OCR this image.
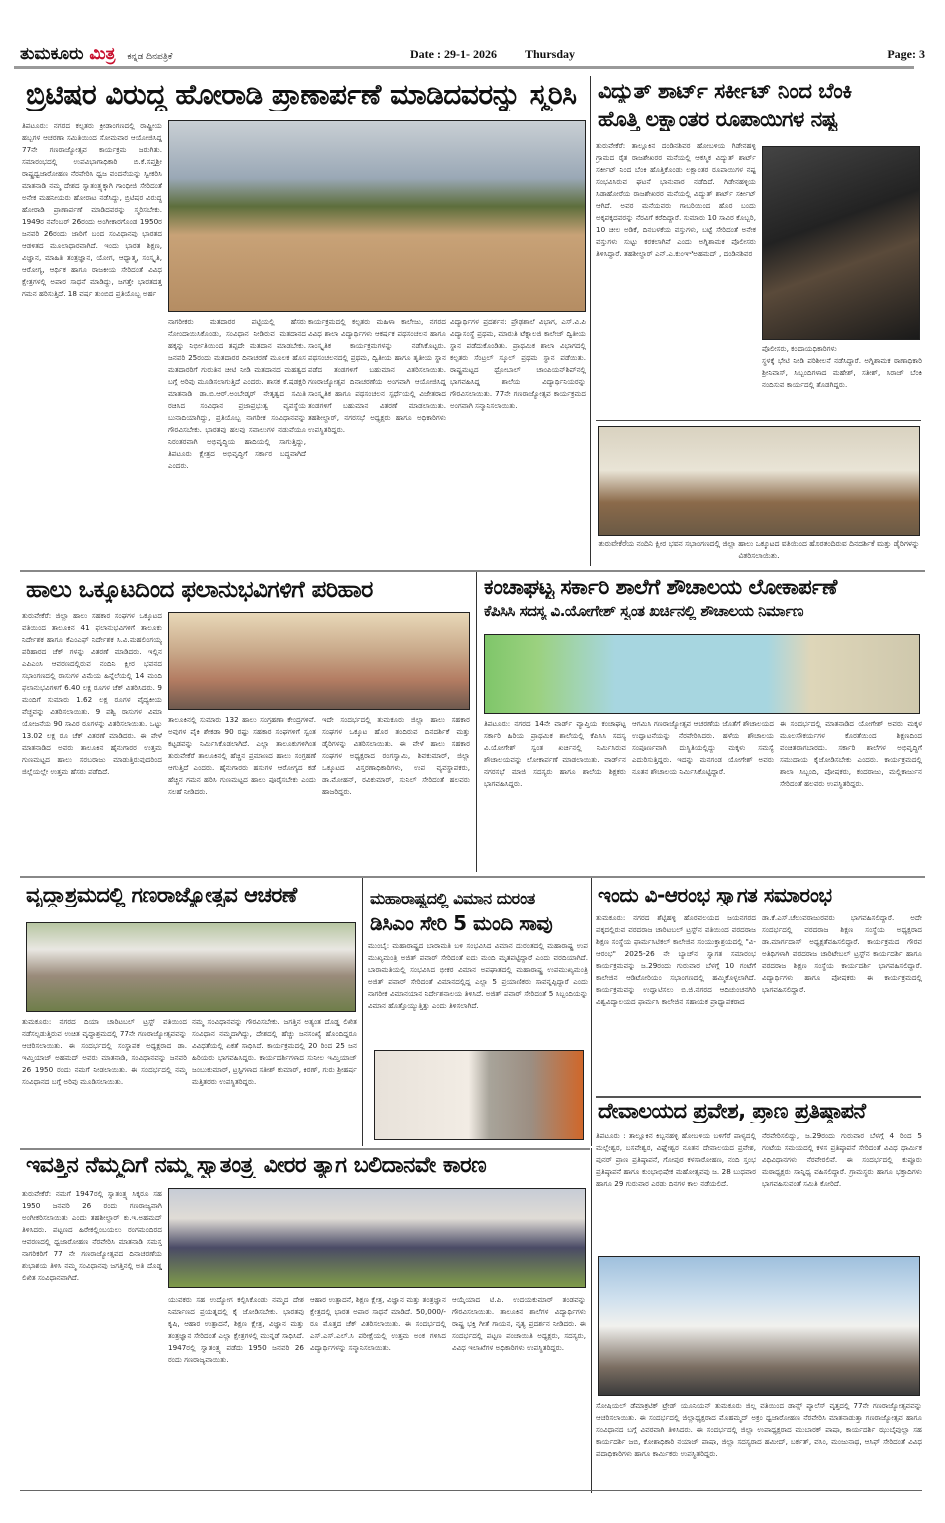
ತುಮಕೂರು ಮಿತ್ರ ಕನ್ನಡ ದಿನಪತ್ರಿಕೆ	Date : 29-1- 2026 Thursday	Page: 3
ಬ್ರಿಟಿಷರ ವಿರುದ್ಧ ಹೋರಾಡಿ ಪ್ರಾಣಾರ್ಪಣೆ ಮಾಡಿದವರನ್ನು ಸ್ಮರಿಸಿ
ತಿಪಟೂರು: ನಗರದ ಕಲ್ಪತರು ಕ್ರೀಡಾಂಗಣದಲ್ಲಿ ರಾಷ್ಟ್ರೀಯ ಹಬ್ಬಗಳ ಆಚರಣಾ ಸಮಿತಿಯಿಂದ ಸೋಮವಾರ ಆಯೋಜಿಸಿದ್ದ 77ನೇ ಗಣರಾಜ್ಯೋತ್ಸವ ಕಾರ್ಯಕ್ರಮ ಜರುಗಿತು. ಸಮಾರಂಭದಲ್ಲಿ ಉಪವಿಭಾಗಾಧಿಕಾರಿ ಬಿ.ಕೆ.ಸಪ್ತಶ್ರೀ ರಾಷ್ಟ್ರಧ್ವಜಾರೋಹಣ ನೆರವೇರಿಸಿ ಧ್ವಜ ವಂದನೆಯನ್ನು ಸ್ವೀಕರಿಸಿ ಮಾತನಾಡಿ ನಮ್ಮ ದೇಶದ ಸ್ವಾತಂತ್ರ್ಯಕ್ಕಾಗಿ ಗಾಂಧೀಜಿ ಸೇರಿದಂತೆ ಅನೇಕ ಮಹನೀಯರು ಹೋರಾಟ ನಡೆಸಿದ್ದು, ಬ್ರಿಟಿಷರ ವಿರುದ್ಧ ಹೋರಾಡಿ ಪ್ರಾಣಾರ್ಪಣೆ ಮಾಡಿದವರನ್ನು ಸ್ಮರಿಸಬೇಕು. 1949ರ ನವೆಂಬರ್ 26ರಂದು ಅಂಗೀಕಾರಗೊಂಡ 1950ರ ಜನವರಿ 26ರಂದು ಜಾರಿಗೆ ಬಂದ ಸಂವಿಧಾನವು ಭಾರತದ ಆಡಳಿತದ ಮೂಲಾಧಾರವಾಗಿದೆ. ಇಂದು ಭಾರತ ಶಿಕ್ಷಣ, ವಿಜ್ಞಾನ, ಮಾಹಿತಿ ತಂತ್ರಜ್ಞಾನ, ಯೋಗ, ಆಧ್ಯಾತ್ಮ, ಸಂಸ್ಕೃತಿ, ಆರೋಗ್ಯ, ಆರ್ಥಿಕ ಹಾಗೂ ರಾಜಕೀಯ ಸೇರಿದಂತೆ ವಿವಿಧ ಕ್ಷೇತ್ರಗಳಲ್ಲಿ ಅಪಾರ ಸಾಧನೆ ಮಾಡಿದ್ದು, ಜಗತ್ತೇ ಭಾರತದತ್ತ ಗಮನ ಹರಿಸುತ್ತಿದೆ. 18 ವರ್ಷ ತುಂಬಿದ ಪ್ರತಿಯೊಬ್ಬ ಅರ್ಹ
ನಾಗರೀಕರು ಮತದಾರರ ಪಟ್ಟಿಯಲ್ಲಿ ಹೆಸರು ನೋಂದಾಯಿಸಿಕೊಂಡು, ಸಂವಿಧಾನ ನೀಡಿರುವ ಮತದಾನದ ಹಕ್ಕನ್ನು ನಿರ್ಭೀತಿಯಿಂದ ತಪ್ಪದೇ ಮತದಾನ ಮಾಡಬೇಕು. ಜನವರಿ 25ರಂದು ಮತದಾರರ ದಿನಾಚರಣೆ ಮೂಲಕ ಹೊಸ ಮತದಾರರಿಗೆ ಗುರುತಿನ ಚೀಟಿ ನೀಡಿ ಮತದಾನದ ಮಹತ್ವದ ಬಗ್ಗೆ ಅರಿವು ಮೂಡಿಸಲಾಗುತ್ತಿದೆ ಎಂದರು. ಶಾಸಕ ಕೆ.ಷಡಕ್ಷರಿ ಮಾತನಾಡಿ ಡಾ.ಬಿ.ಆರ್.ಅಂಬೇಡ್ಕರ್ ನೇತೃತ್ವದ ಸಮಿತಿ ರಚಿಸಿದ ಸಂವಿಧಾನ ಪ್ರಜಾಪ್ರಭುತ್ವ ವ್ಯವಸ್ಥೆಯ ಬುನಾದಿಯಾಗಿದ್ದು, ಪ್ರತಿಯೊಬ್ಬ ನಾಗರೀಕ ಸಂವಿಧಾನವನ್ನು ಗೌರವಿಸಬೇಕು. ಭಾರತವು ಹಲವು ಸವಾಲುಗಳ ನಡುವೆಯೂ ನಿರಂತರವಾಗಿ ಅಭಿವೃದ್ಧಿಯ ಹಾದಿಯಲ್ಲಿ ಸಾಗುತ್ತಿದ್ದು, ತಿಪಟೂರು ಕ್ಷೇತ್ರದ ಅಭಿವೃದ್ಧಿಗೆ ಸರ್ಕಾರ ಬದ್ಧವಾಗಿದೆ ಎಂದರು.
ಕಾರ್ಯಕ್ರಮದಲ್ಲಿ ಕಲ್ಪತರು ಮಹಿಳಾ ಕಾಲೇಜು, ನಗರದ ವಿವಿಧ ಶಾಲಾ ವಿದ್ಯಾರ್ಥಿಗಳು ಆಕರ್ಷಕ ಪಥಸಂಚಲನ ಹಾಗೂ ಸಾಂಸ್ಕೃತಿಕ ಕಾರ್ಯಕ್ರಮಗಳನ್ನು ನಡೆಸಿಕೊಟ್ಟರು. ಪಥಸಂಚಲನದಲ್ಲಿ ಪ್ರಥಮ, ದ್ವಿತೀಯ ಹಾಗೂ ತೃತೀಯ ಸ್ಥಾನ ಪಡೆದ ತಂಡಗಳಿಗೆ ಬಹುಮಾನ ವಿತರಿಸಲಾಯಿತು. ಗಣರಾಜ್ಯೋತ್ಸವ ದಿನಾಚರಣೆಯ ಅಂಗವಾಗಿ ಆಯೋಜಿಸಿದ್ದ ಸಾಂಸ್ಕೃತಿಕ ಹಾಗೂ ಪಥಸಂಚಲನ ಸ್ಪರ್ಧೆಯಲ್ಲಿ ವಿಜೇತರಾದ ತಂಡಗಳಿಗೆ ಬಹುಮಾನ ವಿತರಣೆ ಮಾಡಲಾಯಿತು. ತಹಶೀಲ್ದಾರ್, ನಗರಸಭೆ ಅಧ್ಯಕ್ಷರು ಹಾಗೂ ಅಧಿಕಾರಿಗಳು ಉಪಸ್ಥಿತರಿದ್ದರು.
ವಿದ್ಯಾರ್ಥಿಗಳ ಪ್ರದರ್ಶನ: ಪ್ರೌಢಶಾಲೆ ವಿಭಾಗ, ಎಸ್.ವಿ.ಪಿ ವಿದ್ಯಾಸಂಸ್ಥೆ ಪ್ರಥಮ, ಮಾರುತಿ ಟೆಕ್ನಾಲಜಿ ಕಾಲೇಜ್ ದ್ವಿತೀಯ ಸ್ಥಾನ ಪಡೆದುಕೊಂಡಿತು. ಪ್ರಾಥಮಿಕ ಶಾಲಾ ವಿಭಾಗದಲ್ಲಿ ಕಲ್ಪತರು ಸೆಂಟ್ರಲ್ ಸ್ಕೂಲ್ ಪ್ರಥಮ ಸ್ಥಾನ ಪಡೆಯಿತು. ರಾಷ್ಟ್ರಮಟ್ಟದ ಥ್ರೋಬಾಲ್ ಚಾಂಪಿಯನ್‌ಶಿಪ್‌ನಲ್ಲಿ ಭಾಗವಹಿಸಿದ್ದ ಶಾಲೆಯ ವಿದ್ಯಾರ್ಥಿನಿಯರನ್ನು ಗೌರವಿಸಲಾಯಿತು. 77ನೇ ಗಣರಾಜ್ಯೋತ್ಸವ ಕಾರ್ಯಕ್ರಮದ ಅಂಗವಾಗಿ ಸನ್ಮಾನಿಸಲಾಯಿತು.
ವಿದ್ಯುತ್ ಶಾರ್ಟ್ ಸರ್ಕೀಟ್ ನಿಂದ ಬೆಂಕಿ
ಹೊತ್ತಿ ಲಕ್ಷಾಂತರ ರೂಪಾಯಿಗಳ ನಷ್ಟ
ತುರುವೇಕೆರೆ: ತಾಲ್ಲೂಕಿನ ದಂಡಿನಶಿವರ ಹೋಬಳಿಯ ಗಿಡೇನಹಳ್ಳಿ ಗ್ರಾಮದ ರೈತ ರಾಜಶೇಖರರ ಮನೆಯಲ್ಲಿ ಆಕಸ್ಮಿಕ ವಿದ್ಯುತ್ ಶಾರ್ಟ್ ಸರ್ಕೀಟ್ ನಿಂದ ಬೆಂಕಿ ಹೊತ್ತಿಕೊಂಡು ಲಕ್ಷಾಂತರ ರೂಪಾಯಿಗಳ ನಷ್ಟ ಸಂಭವಿಸಿರುವ ಘಟನೆ ಭಾನುವಾರ ನಡೆದಿದೆ. ಗಿಡೇನಹಳ್ಳಿಯ ಸಿಡಾಹೋರೆಯ ರಾಜಶೇಖರರ ಮನೆಯಲ್ಲಿ ವಿದ್ಯುತ್ ಶಾರ್ಟ್ ಸರ್ಕೀಟ್ ಆಗಿದೆ. ಅವರ ಮನೆಯವರು ಗಾಬರಿಯಿಂದ ಹೊರ ಬಂದು ಅಕ್ಕಪಕ್ಕದವರನ್ನು ನೆರವಿಗೆ ಕರೆದಿದ್ದಾರೆ. ಸುಮಾರು 10 ಸಾವಿರ ಕೊಬ್ಬರಿ, 10 ಚೀಲ ಅಡಿಕೆ, ದಿನಬಳಕೆಯ ವಸ್ತುಗಳು, ಬಟ್ಟೆ ಸೇರಿದಂತೆ ಅನೇಕ ವಸ್ತುಗಳು ಸುಟ್ಟು ಕರಕಲಾಗಿವೆ ಎಂದು ಅಗ್ನಿಶಾಮಕ ಪೊಲೀಸರು ತಿಳಿಸಿದ್ದಾರೆ. ತಹಶೀಲ್ದಾರ್ ಎನ್.ಎ.ಕುಂಞಿಅಹಮದ್ , ದಂಡಿನಶಿವರ
ಪೊಲೀಸರು, ಕಂದಾಯಧಿಕಾರಿಗಳು
ಸ್ಥಳಕ್ಕೆ ಭೇಟಿ ನೀಡಿ ಪರಿಶೀಲನೆ ನಡೆಸಿದ್ದಾರೆ. ಅಗ್ನಿಶಾಮಕ ಠಾಣಾಧಿಕಾರಿ ಶ್ರೀನಿವಾಸ್, ಸಿಬ್ಬಂದಿಗಳಾದ ಮಹೇಶ್, ಸತೀಶ್, ಸಿರಾಜ್ ಬೆಂಕಿ ನಂದಿಸುವ ಕಾರ್ಯದಲ್ಲಿ ತೊಡಗಿದ್ದರು.
ತುರುವೇಕೆರೆಯ ನಂದಿನಿ ಕ್ಷೀರ ಭವನ ಸಭಾಂಗಣದಲ್ಲಿ ಜಿಲ್ಲಾ ಹಾಲು ಒಕ್ಕೂಟದ ವತಿಯಿಂದ ಹೊರತಂದಿರುವ ದಿನದರ್ಶಿಕೆ ಮತ್ತು ಡೈರಿಗಳನ್ನು ವಿತರಿಸಲಾಯಿತು.
ಹಾಲು ಒಕ್ಕೂಟದಿಂದ ಫಲಾನುಭವಿಗಳಿಗೆ ಪರಿಹಾರ
ತುರುವೇಕೆರೆ: ಜಿಲ್ಲಾ ಹಾಲು ಸಹಕಾರ ಸಂಘಗಳ ಒಕ್ಕೂಟದ ವತಿಯಿಂದ ತಾಲೂಕಿನ 41 ಫಲಾನುಭವಿಗಳಿಗೆ ತಾಲೂಕು ನಿರ್ದೇಶಕ ಹಾಗೂ ಕೆಎಂಎಫ್ ನಿರ್ದೇಶಕ ಸಿ.ವಿ.ಮಹಲಿಂಗಯ್ಯ ಪರಿಹಾರದ ಚೆಕ್ ಗಳನ್ನು ವಿತರಣೆ ಮಾಡಿದರು. ಇಲ್ಲಿನ ಎಪಿಎಂಸಿ ಆವರಣದಲ್ಲಿರುವ ನಂದಿನಿ ಕ್ಷೀರ ಭವನದ ಸಭಾಂಗಣದಲ್ಲಿ ರಾಸುಗಳ ವಿಮೆಯ ಹಿನ್ನೆಲೆಯಲ್ಲಿ 14 ಮಂದಿ ಫಲಾನುಭವಿಗಳಿಗೆ 6.40 ಲಕ್ಷ ರೂಗಳ ಚೆಕ್ ವಿತರಿಸಿದರು. 9 ಮಂದಿಗೆ ಸುಮಾರು 1.62 ಲಕ್ಷ ರೂಗಳ ವೈದ್ಯಕೀಯ ವೆಚ್ಚವನ್ನು ವಿತರಿಸಲಾಯಿತು. 9 ಪಶ್ವಿ ರಾಸುಗಳ ವಿಮಾ ಯೋಜನೆಯ 90 ಸಾವಿರ ರೂಗಳನ್ನು ವಿತರಿಸಲಾಯಿತು. ಒಟ್ಟು 13.02 ಲಕ್ಷ ರೂ ಚೆಕ್ ವಿತರಣೆ ಮಾಡಿದರು. ಈ ವೇಳೆ ಮಾತನಾಡಿದ ಅವರು ತಾಲೂಕಿನ ಹೈನುಗಾರರ ಉತ್ತಮ ಗುಣಮಟ್ಟದ ಹಾಲು ಸರಬರಾಜು ಮಾಡುತ್ತಿರುವುದರಿಂದ ಜಿಲ್ಲೆಯಲ್ಲೇ ಉತ್ತಮ ಹೆಸರು ಪಡೆದಿದೆ.
ತಾಲೂಕಿನಲ್ಲಿ ಸುಮಾರು 132 ಹಾಲು ಸಂಗ್ರಹಣಾ ಕೇಂದ್ರಗಳಿವೆ. ಅವುಗಳ ಪೈಕಿ ಶೇಕಡಾ 90 ರಷ್ಟು ಸಹಕಾರ ಸಂಘಗಳಿಗೆ ಸ್ವಂತ ಕಟ್ಟಡವನ್ನು ನಿರ್ಮಿಸಿಕೊಡಲಾಗಿದೆ. ಎಲ್ಲಾ ತಾಲೂಕುಗಳಿಗಿಂತ ತುರುವೇಕೆರೆ ತಾಲೂಕಿನಲ್ಲಿ ಹೆಚ್ಚಿನ ಪ್ರಮಾಣದ ಹಾಲು ಸಂಗ್ರಹಣೆ ಆಗುತ್ತಿದೆ ಎಂದರು. ಹೈನುಗಾರರು ಹಸುಗಳ ಆರೋಗ್ಯದ ಕಡೆ ಹೆಚ್ಚಿನ ಗಮನ ಹರಿಸಿ ಗುಣಮಟ್ಟದ ಹಾಲು ಪೂರೈಸಬೇಕು ಎಂದು ಸಲಹೆ ನೀಡಿದರು.
ಇದೇ ಸಂದರ್ಭದಲ್ಲಿ ತುಮಕೂರು ಜಿಲ್ಲಾ ಹಾಲು ಸಹಕಾರ ಸಂಘಗಳ ಒಕ್ಕೂಟ ಹೊರ ತಂದಿರುವ ದಿನದರ್ಶಿಕೆ ಮತ್ತು ಡೈರಿಗಳನ್ನು ವಿತರಿಸಲಾಯಿತು. ಈ ವೇಳೆ ಹಾಲು ಸಹಕಾರ ಸಂಘಗಳ ಅಧ್ಯಕ್ಷರಾದ ರಂಗಸ್ವಾಮಿ, ಶಿವಕುಮಾರ್, ಜಿಲ್ಲಾ ಒಕ್ಕೂಟದ ವಿಸ್ತರಣಾಧಿಕಾರಿಗಳು, ಉಪ ವ್ಯವಸ್ಥಾಪಕರು, ಡಾ.ಮೋಹನ್, ರವಿಕುಮಾರ್, ಸುನಿಲ್ ಸೇರಿದಂತೆ ಹಲವರು ಹಾಜರಿದ್ದರು.
ಕಂಚಾಘಟ್ಟ ಸರ್ಕಾರಿ ಶಾಲೆಗೆ ಶೌಚಾಲಯ ಲೋಕಾರ್ಪಣೆ
ಕೆಪಿಸಿಸಿ ಸದಸ್ಯ ವಿ.ಯೋಗೇಶ್ ಸ್ವಂತ ಖರ್ಚಿನಲ್ಲಿ ಶೌಚಾಲಯ ನಿರ್ಮಾಣ
ತಿಪಟೂರು: ನಗರದ 14ನೇ ವಾರ್ಡ್ ವ್ಯಾಪ್ತಿಯ ಕಂಚಾಘಟ್ಟ ಸರ್ಕಾರಿ ಹಿರಿಯ ಪ್ರಾಥಮಿಕ ಶಾಲೆಯಲ್ಲಿ ಕೆಪಿಸಿಸಿ ಸದಸ್ಯ ವಿ.ಯೋಗೇಶ್ ಸ್ವಂತ ಖರ್ಚಿನಲ್ಲಿ ನಿರ್ಮಿಸಿರುವ ಶೌಚಾಲಯವನ್ನು ಲೋಕಾರ್ಪಣೆ ಮಾಡಲಾಯಿತು. ವಾರ್ಡ್‌ನ ನಗರಸಭೆ ಮಾಜಿ ಸದಸ್ಯರು ಹಾಗೂ ಶಾಲೆಯ ಶಿಕ್ಷಕರು ಭಾಗವಹಿಸಿದ್ದರು.
ಆಗಮಿಸಿ ಗಣರಾಜ್ಯೋತ್ಸವ ಆಚರಣೆಯ ಜೊತೆಗೆ ಶೌಚಾಲಯದ ಉದ್ಘಾಟನೆಯನ್ನು ನೆರವೇರಿಸಿದರು. ಹಳೆಯ ಶೌಚಾಲಯ ಸಂಪೂರ್ಣವಾಗಿ ದುಸ್ಥಿತಿಯಲ್ಲಿದ್ದು ಮಕ್ಕಳು ಸಮಸ್ಯೆ ಎದುರಿಸುತ್ತಿದ್ದರು. ಇದನ್ನು ಮನಗಂಡ ಯೋಗೇಶ್ ಅವರು ನೂತನ ಶೌಚಾಲಯ ನಿರ್ಮಿಸಿಕೊಟ್ಟಿದ್ದಾರೆ.
ಈ ಸಂದರ್ಭದಲ್ಲಿ ಮಾತನಾಡಿದ ಯೋಗೇಶ್ ಅವರು ಮಕ್ಕಳ ಮೂಲಸೌಕರ್ಯಗಳ ಕೊರತೆಯಿಂದ ಶಿಕ್ಷಣದಿಂದ ವಂಚಿತರಾಗಬಾರದು. ಸರ್ಕಾರಿ ಶಾಲೆಗಳ ಅಭಿವೃದ್ಧಿಗೆ ಸಮುದಾಯ ಕೈಜೋಡಿಸಬೇಕು ಎಂದರು. ಕಾರ್ಯಕ್ರಮದಲ್ಲಿ ಶಾಲಾ ಸಿಬ್ಬಂದಿ, ಪೋಷಕರು, ಕಂದರಾಜು, ಮಲ್ಲಿಕಾರ್ಜುನ ಸೇರಿದಂತೆ ಹಲವರು ಉಪಸ್ಥಿತರಿದ್ದರು.
ವೃದ್ಧಾಶ್ರಮದಲ್ಲಿ ಗಣರಾಜ್ಯೋತ್ಸವ ಆಚರಣೆ
ತುಮಕೂರು: ನಗರದ ದಿಯಾ ಚಾರಿಟಬಲ್ ಟ್ರಸ್ಟ್ ವತಿಯಿಂದ ನಡೆಸಲ್ಪಡುತ್ತಿರುವ ಉಚಿತ ವೃದ್ಧಾಶ್ರಮದಲ್ಲಿ 77ನೇ ಗಣರಾಜ್ಯೋತ್ಸವವನ್ನು ಆಚರಿಸಲಾಯಿತು. ಈ ಸಂದರ್ಭದಲ್ಲಿ ಸಂಸ್ಥಾಪಕ ಅಧ್ಯಕ್ಷರಾದ ಡಾ. ಇಮ್ತಿಯಾಜ್ ಅಹಮದ್ ಅವರು ಮಾತನಾಡಿ, ಸಂವಿಧಾನವನ್ನು ಜನವರಿ 26 1950 ರಂದು ನಮಗೆ ನೀಡಲಾಯಿತು. ಈ ಸಂದರ್ಭದಲ್ಲಿ ನಮ್ಮ ಸಂವಿಧಾನದ ಬಗ್ಗೆ ಅರಿವು ಮೂಡಿಸಲಾಯಿತು.
ನಮ್ಮ ಸಂವಿಧಾನವನ್ನು ಗೌರವಿಸಬೇಕು. ಜಗತ್ತಿನ ಅತ್ಯಂತ ದೊಡ್ಡ ಲಿಖಿತ ಸಂವಿಧಾನ ನಮ್ಮದಾಗಿದ್ದು, ದೇಶದಲ್ಲಿ ಹೆಚ್ಚು ಜನಸಂಖ್ಯೆ ಹೊಂದಿದ್ದರೂ ವಿವಿಧತೆಯಲ್ಲಿ ಏಕತೆ ಸಾಧಿಸಿದೆ. ಕಾರ್ಯಕ್ರಮದಲ್ಲಿ 20 ರಿಂದ 25 ಜನ ಹಿರಿಯರು ಭಾಗವಹಿಸಿದ್ದರು. ಕಾರ್ಯದರ್ಶಿಗಳಾದ ಸುನೀಲ ಇಮ್ತಿಯಾಜ್ ಜಂಬುಕುಮಾರ್, ಟ್ರಸ್ಟಿಗಳಾದ ಸತೀಶ್ ಕುಮಾರ್, ಕಿರಣ್, ಗುರು ಶ್ರೀಹರ್ಷ ಮತ್ತಿತರರು ಉಪಸ್ಥಿತರಿದ್ದರು.
ಮಹಾರಾಷ್ಟ್ರದಲ್ಲಿ ವಿಮಾನ ದುರಂತ
ಡಿಸಿಎಂ ಸೇರಿ 5 ಮಂದಿ ಸಾವು
ಮುಂಬೈ: ಮಹಾರಾಷ್ಟ್ರದ ಬಾರಾಮತಿ ಬಳಿ ಸಂಭವಿಸಿದ ವಿಮಾನ ದುರಂತದಲ್ಲಿ ಮಹಾರಾಷ್ಟ್ರ ಉಪ ಮುಖ್ಯಮಂತ್ರಿ ಅಜಿತ್ ಪವಾರ್ ಸೇರಿದಂತೆ ಐದು ಮಂದಿ ಮೃತಪಟ್ಟಿದ್ದಾರೆ ಎಂದು ವರದಿಯಾಗಿದೆ. ಬಾರಾಮತಿಯಲ್ಲಿ ಸಂಭವಿಸಿದ ಭೀಕರ ವಿಮಾನ ಅಪಘಾತದಲ್ಲಿ ಮಹಾರಾಷ್ಟ್ರ ಉಪಮುಖ್ಯಮಂತ್ರಿ ಅಜಿತ್ ಪವಾರ್ ಸೇರಿದಂತೆ ವಿಮಾನದಲ್ಲಿದ್ದ ಎಲ್ಲಾ 5 ಪ್ರಯಾಣಿಕರು ಸಾವನ್ನಪ್ಪಿದ್ದಾರೆ ಎಂದು ನಾಗರೀಕ ವಿಮಾನಯಾನ ನಿರ್ದೇಶನಾಲಯ ತಿಳಿಸಿದೆ. ಅಜಿತ್ ಪವಾರ್ ಸೇರಿದಂತೆ 5 ಸಿಬ್ಬಂದಿಯನ್ನು ವಿಮಾನ ಹೊತ್ತೊಯ್ಯುತ್ತಿತ್ತು ಎಂದು ತಿಳಿಸಲಾಗಿದೆ.
ಇಂದು ವಿ-ಆರಂಭ ಸ್ವಾಗತ ಸಮಾರಂಭ
ತುಮಕೂರು: ನಗರದ ಶೆಟ್ಟಿಹಳ್ಳಿ ಹೊರವಲಯದ ಜಯನಗರದ ಪಕ್ಕದಲ್ಲಿರುವ ವರದರಾಜ ಚಾರಿಟಬಲ್ ಟ್ರಸ್ಟ್‌ನ ವತಿಯಿಂದ ವರದರಾಜ ಶಿಕ್ಷಣ ಸಂಸ್ಥೆಯ ಫಾರ್ಮಸಿಟಿಕಲ್ ಕಾಲೇಜಿನ ಸಂಯುಕ್ತಾಶ್ರಯದಲ್ಲಿ "ವಿ-ಆರಂಭ" 2025-26 ನೇ ಬ್ಯಾಚ್‌ನ ಸ್ವಾಗತ ಸಮಾರಂಭ ಕಾರ್ಯಕ್ರಮವನ್ನು ಜ.29ರಂದು ಗುರುವಾರ ಬೆಳಗ್ಗೆ 10 ಗಂಟೆಗೆ ಕಾಲೇಜಿನ ಆಡಿಟೋರಿಯಂ ಸಭಾಂಗಣದಲ್ಲಿ ಹಮ್ಮಿಕೊಳ್ಳಲಾಗಿದೆ. ಕಾರ್ಯಕ್ರಮವನ್ನು ಉದ್ಘಾಟಿಸಲು ಬಿ.ಜಿ.ನಗರದ ಆದಿಚುಂಚನಗಿರಿ ವಿಶ್ವವಿದ್ಯಾಲಯದ ಫಾರ್ಮಸಿ ಕಾಲೇಜಿನ ಸಹಾಯಕ ಪ್ರಾಧ್ಯಾಪಕರಾದ
ಡಾ.ಕೆ.ಎಸ್.ಚೆಲುವರಾಜುರವರು ಭಾಗವಹಿಸಲಿದ್ದಾರೆ. ಅದೇ ಸಂದರ್ಭದಲ್ಲಿ ವರದರಾಜ ಶಿಕ್ಷಣ ಸಂಸ್ಥೆಯ ಅಧ್ಯಕ್ಷರಾದ ಡಾ.ಮಾರ್ಗದಾಸ್ ಅಧ್ಯಕ್ಷತೆವಹಿಸಲಿದ್ದಾರೆ. ಕಾರ್ಯಕ್ರಮದ ಗೌರವ ಅತಿಥಿಗಳಾಗಿ ವರದರಾಜ ಚಾರಿಟೇಬಲ್ ಟ್ರಸ್ಟ್‌ನ ಕಾರ್ಯದರ್ಶಿ ಹಾಗೂ ವರದರಾಜ ಶಿಕ್ಷಣ ಸಂಸ್ಥೆಯ ಕಾರ್ಯದರ್ಶಿ ಭಾಗವಹಿಸಲಿದ್ದಾರೆ. ವಿದ್ಯಾರ್ಥಿಗಳು ಹಾಗೂ ಪೋಷಕರು ಈ ಕಾರ್ಯಕ್ರಮದಲ್ಲಿ ಭಾಗವಹಿಸಲಿದ್ದಾರೆ.
ದೇವಾಲಯದ ಪ್ರವೇಶ, ಪ್ರಾಣ ಪ್ರತಿಷ್ಠಾಪನೆ
ತಿಪಟೂರು : ತಾಲ್ಲೂಕಿನ ಕಿಬ್ಬನಹಳ್ಳಿ ಹೋಬಳಿಯ ಬಳಿಗೆರೆ ಪಾಳ್ಯದಲ್ಲಿ ಮಲ್ಲೇಶ್ವರ, ಬಸವೇಶ್ವರ, ವಿಘ್ನೇಶ್ವರ ನೂತನ ದೇವಾಲಯದ ಪ್ರವೇಶ, ಪುನರ್ ಪ್ರಾಣ ಪ್ರತಿಷ್ಠಾಪನೆ, ಗೋಪುರ ಕಳಸಾರೋಹಣ, ನಂದಿ ಸ್ತಂಭ ಪ್ರತಿಷ್ಠಾಪನೆ ಹಾಗೂ ಕುಂಭಾಭಿಷೇಕ ಮಹೋತ್ಸವವು ಜ. 28 ಬುಧವಾರ ಹಾಗೂ 29 ಗುರುವಾರ ಎರಡು ದಿನಗಳ ಕಾಲ ನಡೆಯಲಿದೆ.
ನೆರವೇರಿಸಲಿದ್ದು, ಜ.29ರಂದು ಗುರುವಾರ ಬೆಳಗ್ಗೆ 4 ರಿಂದ 5 ಗಂಟೆಯ ಸಮಯದಲ್ಲಿ ಕಳಸ ಪ್ರತಿಷ್ಠಾಪನೆ ಸೇರಿದಂತೆ ವಿವಿಧ ಧಾರ್ಮಿಕ ವಿಧಿವಿಧಾನಗಳು ನೆರವೇರಲಿವೆ. ಈ ಸಂದರ್ಭದಲ್ಲಿ ಕುಪ್ಪೂರು ಮಠಾಧ್ಯಕ್ಷರು ಸಾನ್ನಿಧ್ಯ ವಹಿಸಲಿದ್ದಾರೆ. ಗ್ರಾಮಸ್ಥರು ಹಾಗೂ ಭಕ್ತಾದಿಗಳು ಭಾಗವಹಿಸುವಂತೆ ಸಮಿತಿ ಕೋರಿದೆ.
ಸೋಷಿಯಲ್ ಡೆಮಾಕ್ರಟಿಕ್ ಟ್ರೇಡ್ ಯೂನಿಯನ್ ತುಮಕೂರು ಜಿಲ್ಲ ವತಿಯಿಂದ ಡಾನ್ಸ್ ಪ್ಯಾಲೆಸ್ ವೃತ್ತದಲ್ಲಿ 77ನೇ ಗಣರಾಜ್ಯೋತ್ಸವವನ್ನು ಆಚರಿಸಲಾಯಿತು. ಈ ಸಂದರ್ಭದಲ್ಲಿ ಜಿಲ್ಲಾಧ್ಯಕ್ಷರಾದ ಮೊಹಮ್ಮದ್ ಅಕ್ರಂ ಧ್ವಜಾರೋಹಣ ನೆರವೇರಿಸಿ ಮಾತನಾಡುತ್ತಾ ಗಣರಾಜ್ಯೋತ್ಸವ ಹಾಗೂ ಸಂವಿಧಾನದ ಬಗ್ಗೆ ವಿವರವಾಗಿ ತಿಳಿಸಿದರು. ಈ ಸಂದರ್ಭದಲ್ಲಿ ಜಿಲ್ಲಾ ಉಪಾಧ್ಯಕ್ಷರಾದ ಮುಬಾರಕ್ ಪಾಷಾ, ಕಾರ್ಯದರ್ಶಿ ಝುಬೈವುಲ್ಲಾ ಸಹ ಕಾರ್ಯದರ್ಶಿ ಜಬಿ, ಕೋಶಾಧಿಕಾರಿ ನಯಾಜ್ ಪಾಷಾ, ಜಿಲ್ಲಾ ಸದಸ್ಯರಾದ ಹಮೀದ್, ಬರ್ಕತ್, ವಸಿಂ, ಮಂಜುನಾಥ, ಆಸಿಫ್ ಸೇರಿದಂತೆ ವಿವಿಧ ಪದಾಧಿಕಾರಿಗಳು ಹಾಗೂ ಕಾರ್ಮಿಕರು ಉಪಸ್ಥಿತರಿದ್ದರು.
ಇವತ್ತಿನ ನೆಮ್ಮದಿಗೆ ನಮ್ಮ ಸ್ವಾತಂತ್ರ್ಯ ವೀರರ ತ್ಯಾಗ ಬಲಿದಾನವೇ ಕಾರಣ
ತುರುವೇಕೆರೆ: ನಮಗೆ 1947ರಲ್ಲಿ ಸ್ವಾತಂತ್ರ್ಯ ಸಿಕ್ಕರೂ ಸಹ 1950 ಜನವರಿ 26 ರಂದು ಗಣರಾಜ್ಯವಾಗಿ ಅಂಗೀಕರಿಸಲಾಯಿತು ಎಂದು ತಹಶೀಲ್ದಾರ್ ಕು.ಇ.ಅಹಮದ್ ತಿಳಿಸಿದರು. ಪಟ್ಟಣದ ಹಿರೇಕಲ್ಲಿಂಬಯಲು ರಂಗಮಂದಿರದ ಆವರಣದಲ್ಲಿ ಧ್ವಜಾರೋಹಣ ನೆರವೇರಿಸಿ ಮಾತನಾಡಿ ಸಮಸ್ತ ನಾಗರಿಕರಿಗೆ 77 ನೇ ಗಣರಾಜ್ಯೋತ್ಸವದ ದಿನಾಚರಣೆಯ ಶುಭಾಶಯ ತಿಳಿಸಿ ನಮ್ಮ ಸಂವಿಧಾನವು ಜಗತ್ತಿನಲ್ಲಿ ಅತಿ ದೊಡ್ಡ ಲಿಖಿತ ಸಂವಿಧಾನವಾಗಿದೆ.
ಯುವಕರು ಸಹ ಉದ್ಯೋಗ ಕಲ್ಪಿಸಿಕೊಂಡು ನಮ್ಮದ ದೇಶ ನಿರ್ಮಾಣದ ಪ್ರಯತ್ನದಲ್ಲಿ ಕೈ ಜೋಡಿಸಬೇಕು. ಭಾರತವು ಕೃಷಿ, ಆಹಾರ ಉತ್ಪಾದನೆ, ಶಿಕ್ಷಣ ಕ್ಷೇತ್ರ, ವಿಜ್ಞಾನ ಮತ್ತು ತಂತ್ರಜ್ಞಾನ ಸೇರಿದಂತೆ ಎಲ್ಲಾ ಕ್ಷೇತ್ರಗಳಲ್ಲಿ ಮುನ್ನಡೆ ಸಾಧಿಸಿದೆ. 1947ರಲ್ಲಿ ಸ್ವಾತಂತ್ರ್ಯ ಪಡೆದು 1950 ಜನವರಿ 26 ರಂದು ಗಣರಾಜ್ಯವಾಯಿತು.
ಆಹಾರ ಉತ್ಪಾದನೆ, ಶಿಕ್ಷಣ ಕ್ಷೇತ್ರ, ವಿಜ್ಞಾನ ಮತ್ತು ತಂತ್ರಜ್ಞಾನ ಕ್ಷೇತ್ರದಲ್ಲಿ ಭಾರತ ಅಪಾರ ಸಾಧನೆ ಮಾಡಿದೆ. 50,000/- ರೂ ಮೊತ್ತದ ಚೆಕ್ ವಿತರಿಸಲಾಯಿತು. ಈ ಸಂದರ್ಭದಲ್ಲಿ ಎಸ್.ಎಸ್.ಎಲ್.ಸಿ ಪರೀಕ್ಷೆಯಲ್ಲಿ ಉತ್ತಮ ಅಂಕ ಗಳಿಸಿದ ವಿದ್ಯಾರ್ಥಿಗಳನ್ನು ಸನ್ಮಾನಿಸಲಾಯಿತು.
ಆಯ್ಕೆಯಾದ ಟಿ.ಪಿ. ಉದಯಕುಮಾರ್ ತಂಡವನ್ನು ಗೌರವಿಸಲಾಯಿತು. ತಾಲೂಕಿನ ಶಾಲೆಗಳ ವಿದ್ಯಾರ್ಥಿಗಳು ರಾಷ್ಟ್ರ ಭಕ್ತಿ ಗೀತೆ ಗಾಯನ, ನೃತ್ಯ ಪ್ರದರ್ಶನ ನೀಡಿದರು. ಈ ಸಂದರ್ಭದಲ್ಲಿ ಪಟ್ಟಣ ಪಂಚಾಯಿತಿ ಅಧ್ಯಕ್ಷರು, ಸದಸ್ಯರು, ವಿವಿಧ ಇಲಾಖೆಗಳ ಅಧಿಕಾರಿಗಳು ಉಪಸ್ಥಿತರಿದ್ದರು.
